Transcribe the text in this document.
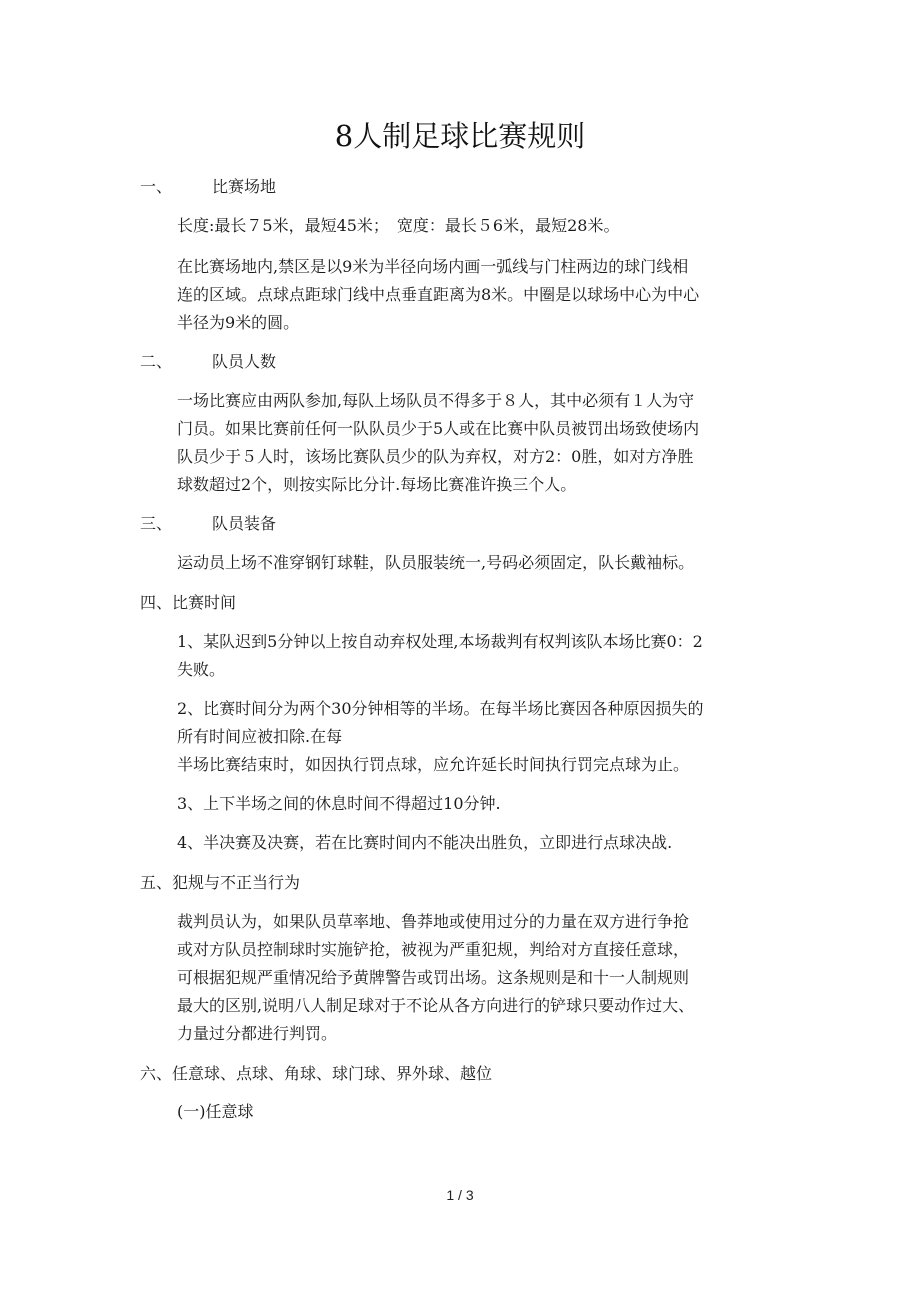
8人制足球比赛规则
一、 比赛场地
长度:最长７5米，最短45米；　宽度：最长５6米，最短28米。
在比赛场地内,禁区是以9米为半径向场内画一弧线与门柱两边的球门线相
连的区域。点球点距球门线中点垂直距离为8米。中圈是以球场中心为中心
半径为9米的圆。
二、 队员人数
一场比赛应由两队参加,每队上场队员不得多于８人，其中必须有１人为守
门员。如果比赛前任何一队队员少于5人或在比赛中队员被罚出场致使场内
队员少于５人时，该场比赛队员少的队为弃权，对方2：0胜，如对方净胜
球数超过2个，则按实际比分计.每场比赛准许换三个人。
三、 队员装备
运动员上场不准穿钢钉球鞋，队员服装统一,号码必须固定，队长戴袖标。
四、比赛时间
1、某队迟到5分钟以上按自动弃权处理,本场裁判有权判该队本场比赛0：2
失败。
2、比赛时间分为两个30分钟相等的半场。在每半场比赛因各种原因损失的
所有时间应被扣除.在每
半场比赛结束时，如因执行罚点球，应允许延长时间执行罚完点球为止。
3、上下半场之间的休息时间不得超过10分钟.
4、半决赛及决赛，若在比赛时间内不能决出胜负，立即进行点球决战.
五、犯规与不正当行为
裁判员认为，如果队员草率地、鲁莽地或使用过分的力量在双方进行争抢
或对方队员控制球时实施铲抢，被视为严重犯规，判给对方直接任意球，
可根据犯规严重情况给予黄牌警告或罚出场。这条规则是和十一人制规则
最大的区别,说明八人制足球对于不论从各方向进行的铲球只要动作过大、
力量过分都进行判罚。
六、任意球、点球、角球、球门球、界外球、越位
(一)任意球
1 / 3
